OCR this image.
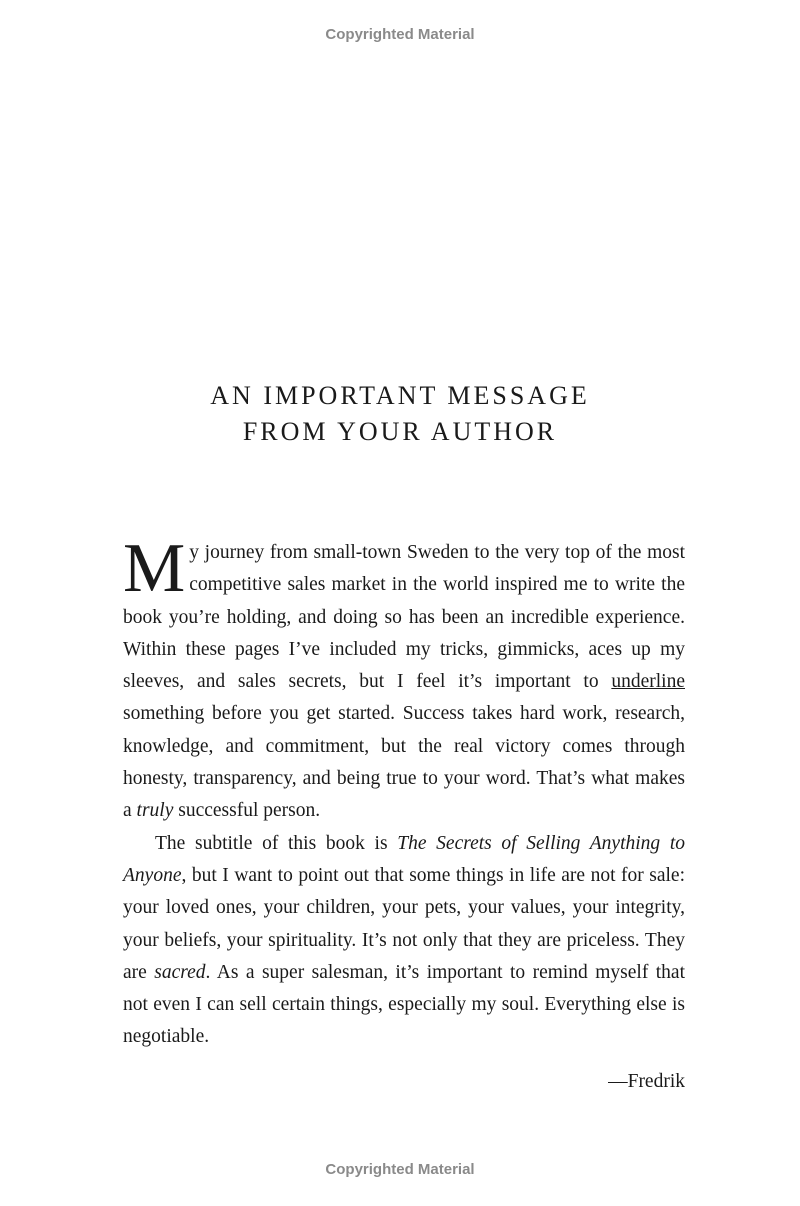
Copyrighted Material
AN IMPORTANT MESSAGE
FROM YOUR AUTHOR

My journey from small-town Sweden to the very top of the most competitive sales market in the world inspired me to write the book you’re holding, and doing so has been an incredible experience. Within these pages I’ve included my tricks, gimmicks, aces up my sleeves, and sales secrets, but I feel it’s important to underline something before you get started. Success takes hard work, research, knowledge, and commitment, but the real victory comes through honesty, transparency, and being true to your word. That’s what makes a truly successful person.

The subtitle of this book is The Secrets of Selling Anything to Anyone, but I want to point out that some things in life are not for sale: your loved ones, your children, your pets, your values, your integrity, your beliefs, your spirituality. It’s not only that they are priceless. They are sacred. As a super salesman, it’s important to remind myself that not even I can sell certain things, especially my soul. Everything else is negotiable.

—Fredrik
Copyrighted Material
